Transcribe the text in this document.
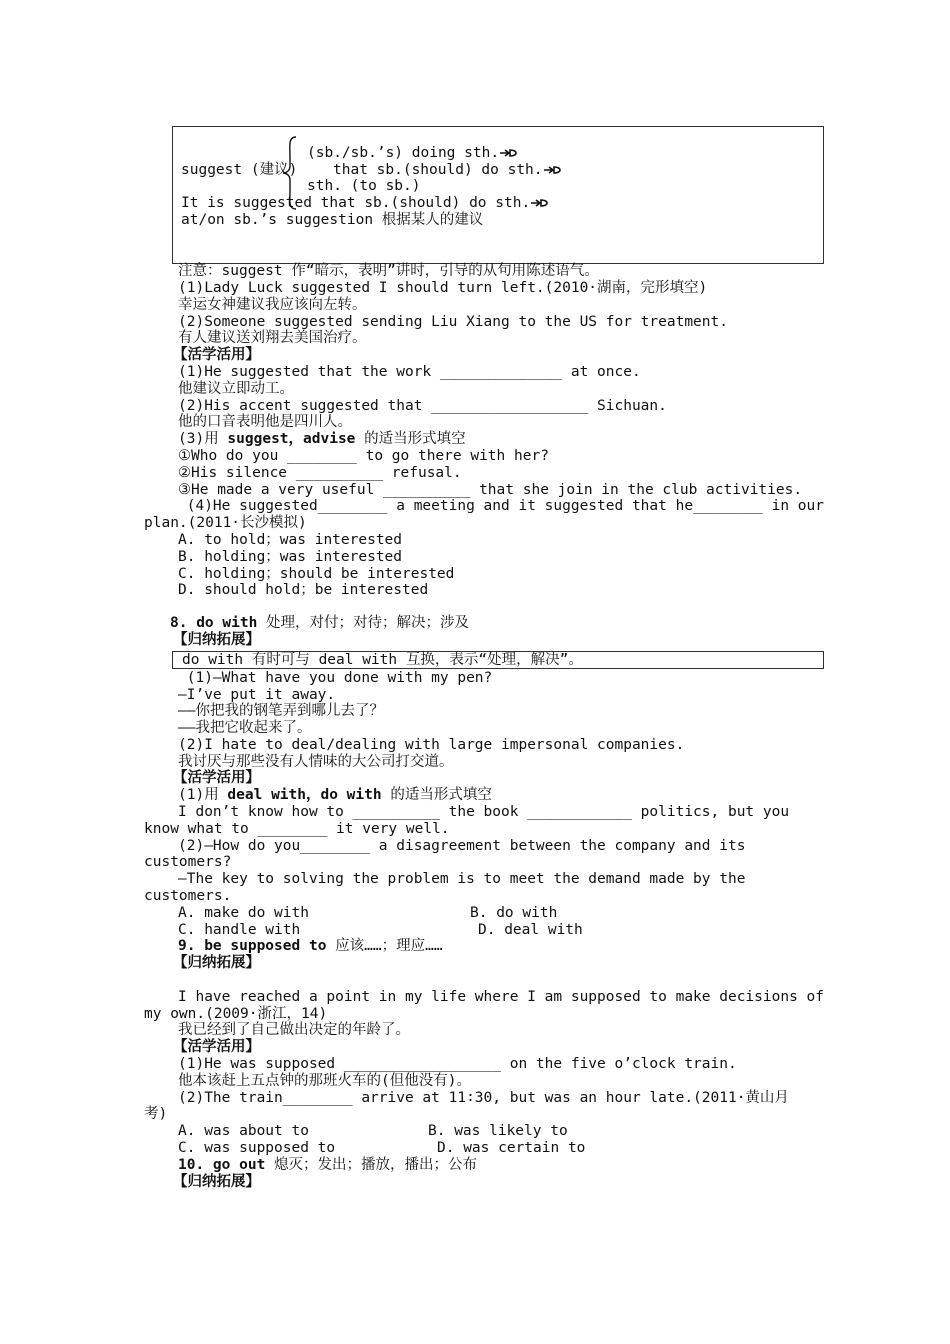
(sb./sb.’s) doing sth.
suggest (建议) that sb.(should) do sth.
sth. (to sb.)
It is suggested that sb.(should) do sth.
at/on sb.’s suggestion 根据某人的建议
注意：suggest 作“暗示，表明”讲时，引导的从句用陈述语气。
(1)Lady Luck suggested I should turn left.(2010·湖南，完形填空)
幸运女神建议我应该向左转。
(2)Someone suggested sending Liu Xiang to the US for treatment.
有人建议送刘翔去美国治疗。
【活学活用】
(1)He suggested that the work ______________ at once.
他建议立即动工。
(2)His accent suggested that __________________ Sichuan.
他的口音表明他是四川人。
(3)用 suggest，advise 的适当形式填空
①Who do you ________ to go there with her?
②His silence __________ refusal.
③He made a very useful __________ that she join in the club activities.
(4)He suggested________ a meeting and it suggested that he________ in our
plan.(2011·长沙模拟)
A. to hold；was interested
B. holding；was interested
C. holding；should be interested
D. should hold；be interested
8. do with 处理，对付；对待；解决；涉及
【归纳拓展】
do with 有时可与 deal with 互换，表示“处理，解决”。
(1)—What have you done with my pen?
—I’ve put it away.
——你把我的钢笔弄到哪儿去了？
——我把它收起来了。
(2)I hate to deal/dealing with large impersonal companies.
我讨厌与那些没有人情味的大公司打交道。
【活学活用】
(1)用 deal with，do with 的适当形式填空
I don’t know how to __________ the book ____________ politics, but you
know what to ________ it very well.
(2)—How do you________ a disagreement between the company and its
customers?
—The key to solving the problem is to meet the demand made by the
customers.
A. make do with	B. do with
C. handle with	D. deal with
9. be supposed to 应该……；理应……
【归纳拓展】
I have reached a point in my life where I am supposed to make decisions of
my own.(2009·浙江，14)
我已经到了自己做出决定的年龄了。
【活学活用】
(1)He was supposed __________________ on the five o’clock train.
他本该赶上五点钟的那班火车的(但他没有)。
(2)The train________ arrive at 11∶30, but was an hour late.(2011·黄山月
考)
A. was about to	B. was likely to
C. was supposed to	D. was certain to
10. go out 熄灭；发出；播放，播出；公布
【归纳拓展】
